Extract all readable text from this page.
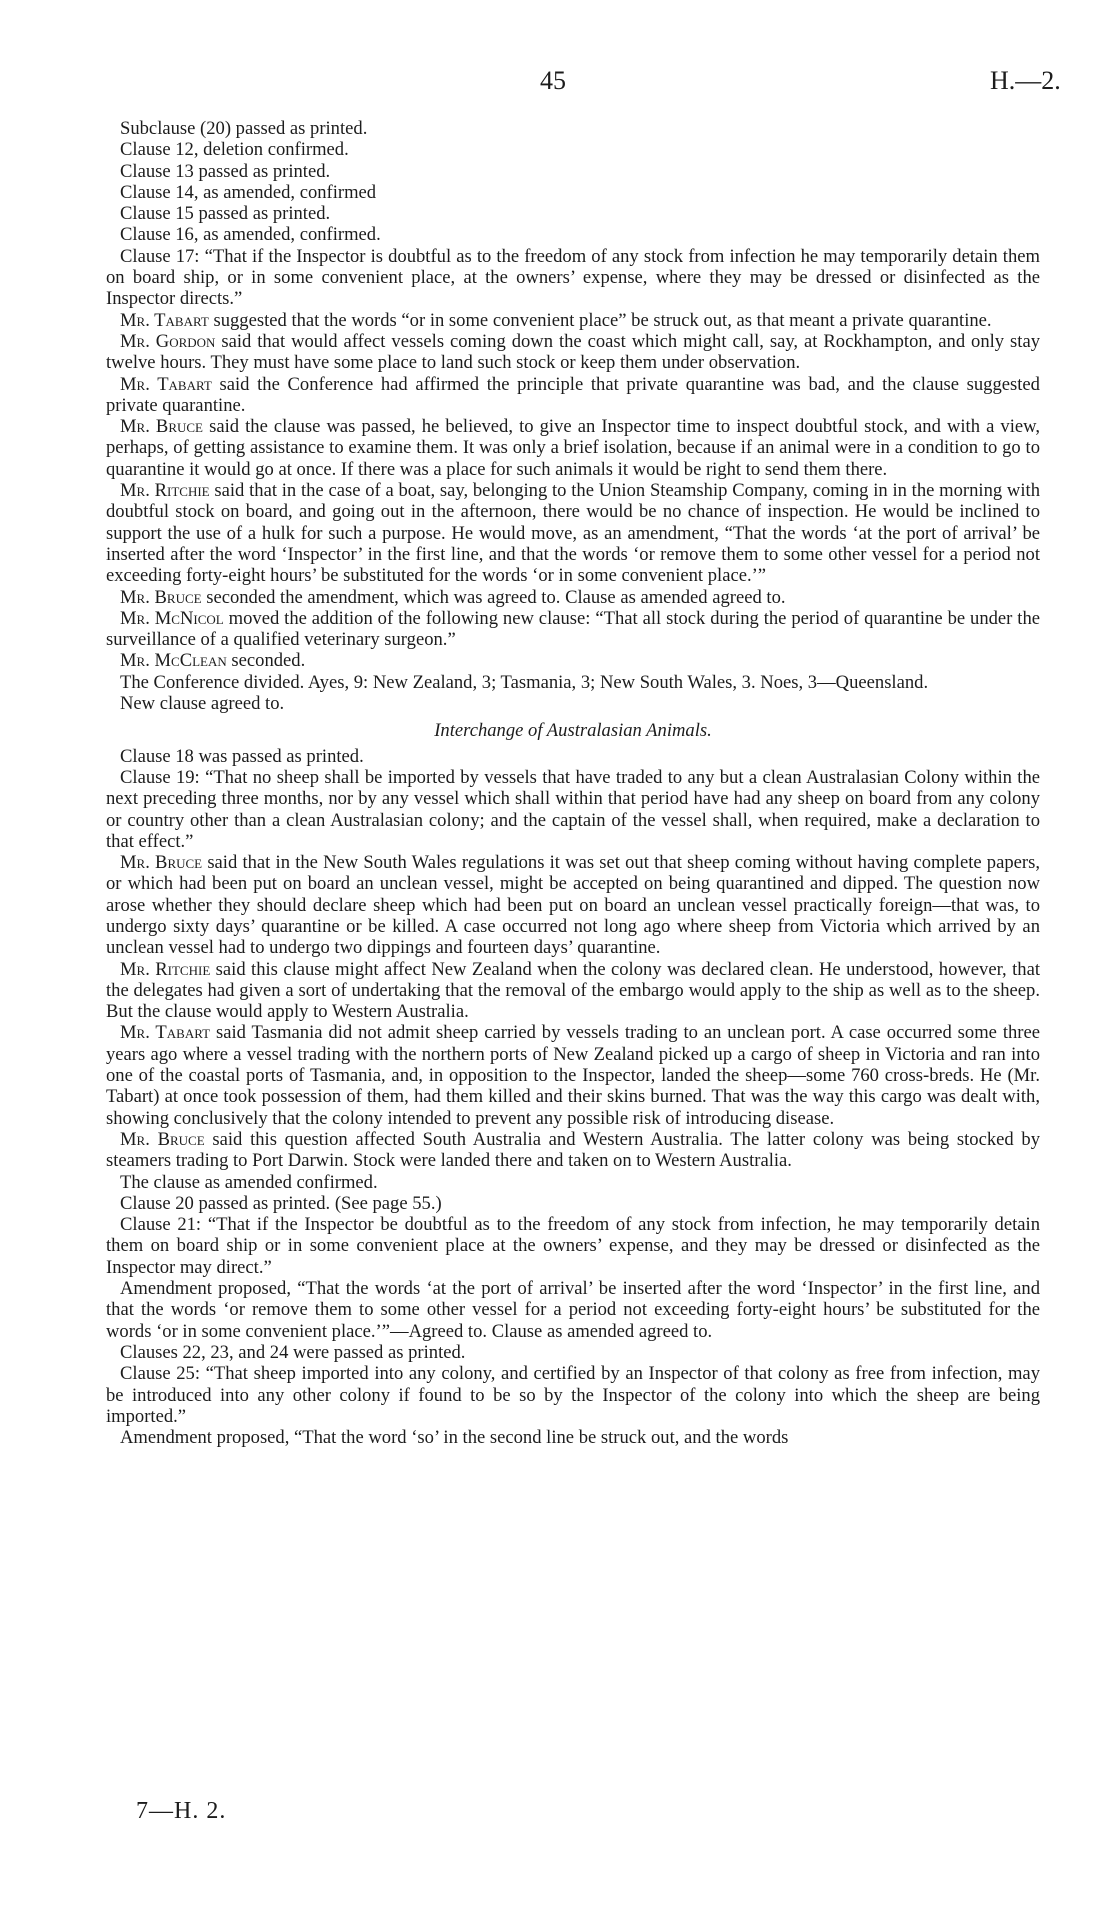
45	H.—2.

Subclause (20) passed as printed.

Clause 12, deletion confirmed.

Clause 13 passed as printed.

Clause 14, as amended, confirmed

Clause 15 passed as printed.

Clause 16, as amended, confirmed.

Clause 17: “That if the Inspector is doubtful as to the freedom of any stock from infection he may temporarily detain them on board ship, or in some convenient place, at the owners’ expense, where they may be dressed or disinfected as the Inspector directs.”

Mr. Tabart suggested that the words “or in some convenient place” be struck out, as that meant a private quarantine.

Mr. Gordon said that would affect vessels coming down the coast which might call, say, at Rockhampton, and only stay twelve hours. They must have some place to land such stock or keep them under observation.

Mr. Tabart said the Conference had affirmed the principle that private quarantine was bad, and the clause suggested private quarantine.

Mr. Bruce said the clause was passed, he believed, to give an Inspector time to inspect doubtful stock, and with a view, perhaps, of getting assistance to examine them. It was only a brief isolation, because if an animal were in a condition to go to quarantine it would go at once. If there was a place for such animals it would be right to send them there.

Mr. Ritchie said that in the case of a boat, say, belonging to the Union Steamship Company, coming in in the morning with doubtful stock on board, and going out in the afternoon, there would be no chance of inspection. He would be inclined to support the use of a hulk for such a purpose. He would move, as an amendment, “That the words ‘at the port of arrival’ be inserted after the word ‘Inspector’ in the first line, and that the words ‘or remove them to some other vessel for a period not exceeding forty-eight hours’ be substituted for the words ‘or in some convenient place.’”

Mr. Bruce seconded the amendment, which was agreed to. Clause as amended agreed to.

Mr. McNicol moved the addition of the following new clause: “That all stock during the period of quarantine be under the surveillance of a qualified veterinary surgeon.”

Mr. McClean seconded.

The Conference divided. Ayes, 9: New Zealand, 3; Tasmania, 3; New South Wales, 3. Noes, 3—Queensland.

New clause agreed to.

Interchange of Australasian Animals.

Clause 18 was passed as printed.

Clause 19: “That no sheep shall be imported by vessels that have traded to any but a clean Australasian Colony within the next preceding three months, nor by any vessel which shall within that period have had any sheep on board from any colony or country other than a clean Australasian colony; and the captain of the vessel shall, when required, make a declaration to that effect.”

Mr. Bruce said that in the New South Wales regulations it was set out that sheep coming without having complete papers, or which had been put on board an unclean vessel, might be accepted on being quarantined and dipped. The question now arose whether they should declare sheep which had been put on board an unclean vessel practically foreign—that was, to undergo sixty days’ quarantine or be killed. A case occurred not long ago where sheep from Victoria which arrived by an unclean vessel had to undergo two dippings and fourteen days’ quarantine.

Mr. Ritchie said this clause might affect New Zealand when the colony was declared clean. He understood, however, that the delegates had given a sort of undertaking that the removal of the embargo would apply to the ship as well as to the sheep. But the clause would apply to Western Australia.

Mr. Tabart said Tasmania did not admit sheep carried by vessels trading to an unclean port. A case occurred some three years ago where a vessel trading with the northern ports of New Zealand picked up a cargo of sheep in Victoria and ran into one of the coastal ports of Tasmania, and, in opposition to the Inspector, landed the sheep—some 760 cross-breds. He (Mr. Tabart) at once took possession of them, had them killed and their skins burned. That was the way this cargo was dealt with, showing conclusively that the colony intended to prevent any possible risk of introducing disease.

Mr. Bruce said this question affected South Australia and Western Australia. The latter colony was being stocked by steamers trading to Port Darwin. Stock were landed there and taken on to Western Australia.

The clause as amended confirmed.

Clause 20 passed as printed. (See page 55.)

Clause 21: “That if the Inspector be doubtful as to the freedom of any stock from infection, he may temporarily detain them on board ship or in some convenient place at the owners’ expense, and they may be dressed or disinfected as the Inspector may direct.”

Amendment proposed, “That the words ‘at the port of arrival’ be inserted after the word ‘Inspector’ in the first line, and that the words ‘or remove them to some other vessel for a period not exceeding forty-eight hours’ be substituted for the words ‘or in some convenient place.’”—Agreed to. Clause as amended agreed to.

Clauses 22, 23, and 24 were passed as printed.

Clause 25: “That sheep imported into any colony, and certified by an Inspector of that colony as free from infection, may be introduced into any other colony if found to be so by the Inspector of the colony into which the sheep are being imported.”

Amendment proposed, “That the word ‘so’ in the second line be struck out, and the words

7—H. 2.
